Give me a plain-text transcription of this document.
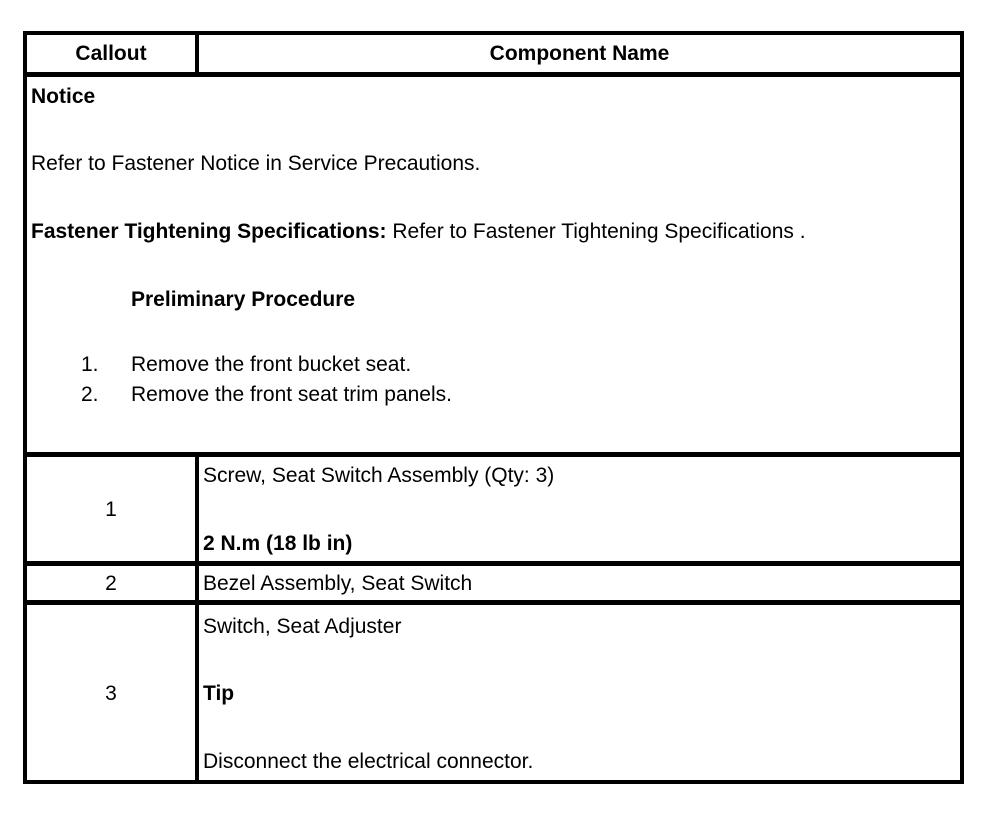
Callout	Component Name
Notice
Refer to Fastener Notice in Service Precautions.
Fastener Tightening Specifications: Refer to Fastener Tightening Specifications .
Preliminary Procedure
1. Remove the front bucket seat.
2. Remove the front seat trim panels.
1
Screw, Seat Switch Assembly (Qty: 3)
2 N.m (18 lb in)
2	Bezel Assembly, Seat Switch
3
Switch, Seat Adjuster
Tip
Disconnect the electrical connector.
